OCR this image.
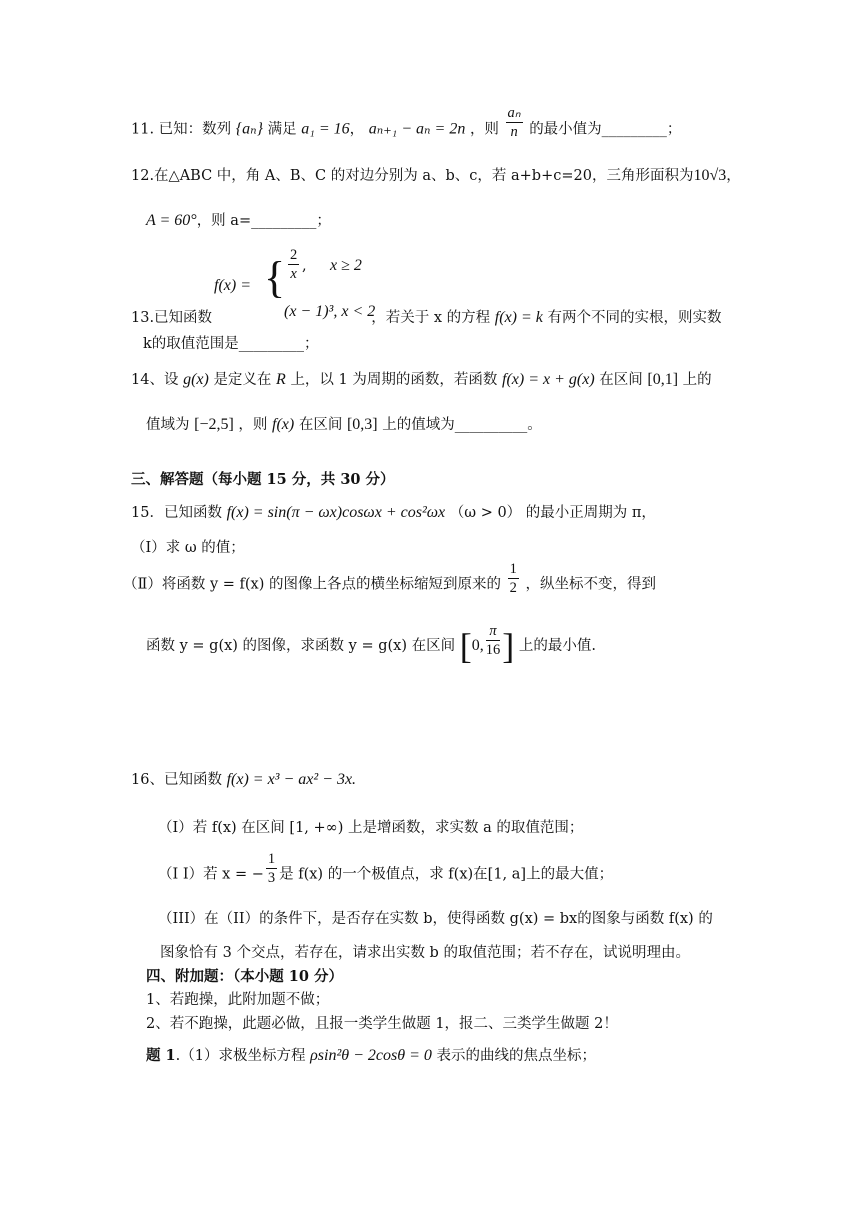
11. 已知：数列 {aₙ} 满足 a₁ = 16， aₙ₊₁ − aₙ = 2n ，则 $\frac{\text{aₙ}}{n}$ 的最小值为_________；
12.在△ABC 中，角 A、B、C 的对边分别为 a、b、c，若 a+b+c=20，三角形面积为10√3，
A = 60°，则 a=_________；
f(x) = { $\frac{2}{x}$ , x ≥ 2
(x − 1)³, x < 2
13.已知函数	，若关于 x 的方程 f(x) = k 有两个不同的实根，则实数
k的取值范围是_________；
14、设 g(x) 是定义在 R 上，以 1 为周期的函数，若函数 f(x) = x + g(x) 在区间 [0,1] 上的
值域为 [−2,5] ，则 f(x) 在区间 [0,3] 上的值域为__________。
三、解答题（每小题 15 分，共 30 分）
15．已知函数 f(x) = sin(π − ωx)cosωx + cos²ωx （ω > 0） 的最小正周期为 π，
（Ⅰ）求 ω 的值；
（Ⅱ）将函数 y = f(x) 的图像上各点的横坐标缩短到原来的 $\frac{1}{2}$ ，纵坐标不变，得到
函数 y = g(x) 的图像，求函数 y = g(x) 在区间 [0, $\frac{\pi}{16}$ ] 上的最小值.
16、已知函数 f(x) = x³ − ax² − 3x.
（I）若 f(x) 在区间 [1, +∞) 上是增函数，求实数 a 的取值范围；
（I I）若 x = − $\frac{1}{3}$ 是 f(x) 的一个极值点，求 f(x)在[1, a]上的最大值；
（III）在（II）的条件下，是否存在实数 b，使得函数 g(x) = bx的图象与函数 f(x) 的
图象恰有 3 个交点，若存在，请求出实数 b 的取值范围；若不存在，试说明理由。
四、附加题：（本小题 10 分）
1、若跑操，此附加题不做；
2、若不跑操，此题必做，且报一类学生做题 1，报二、三类学生做题 2！
题 1.（1）求极坐标方程 ρsin²θ − 2cosθ = 0 表示的曲线的焦点坐标；
